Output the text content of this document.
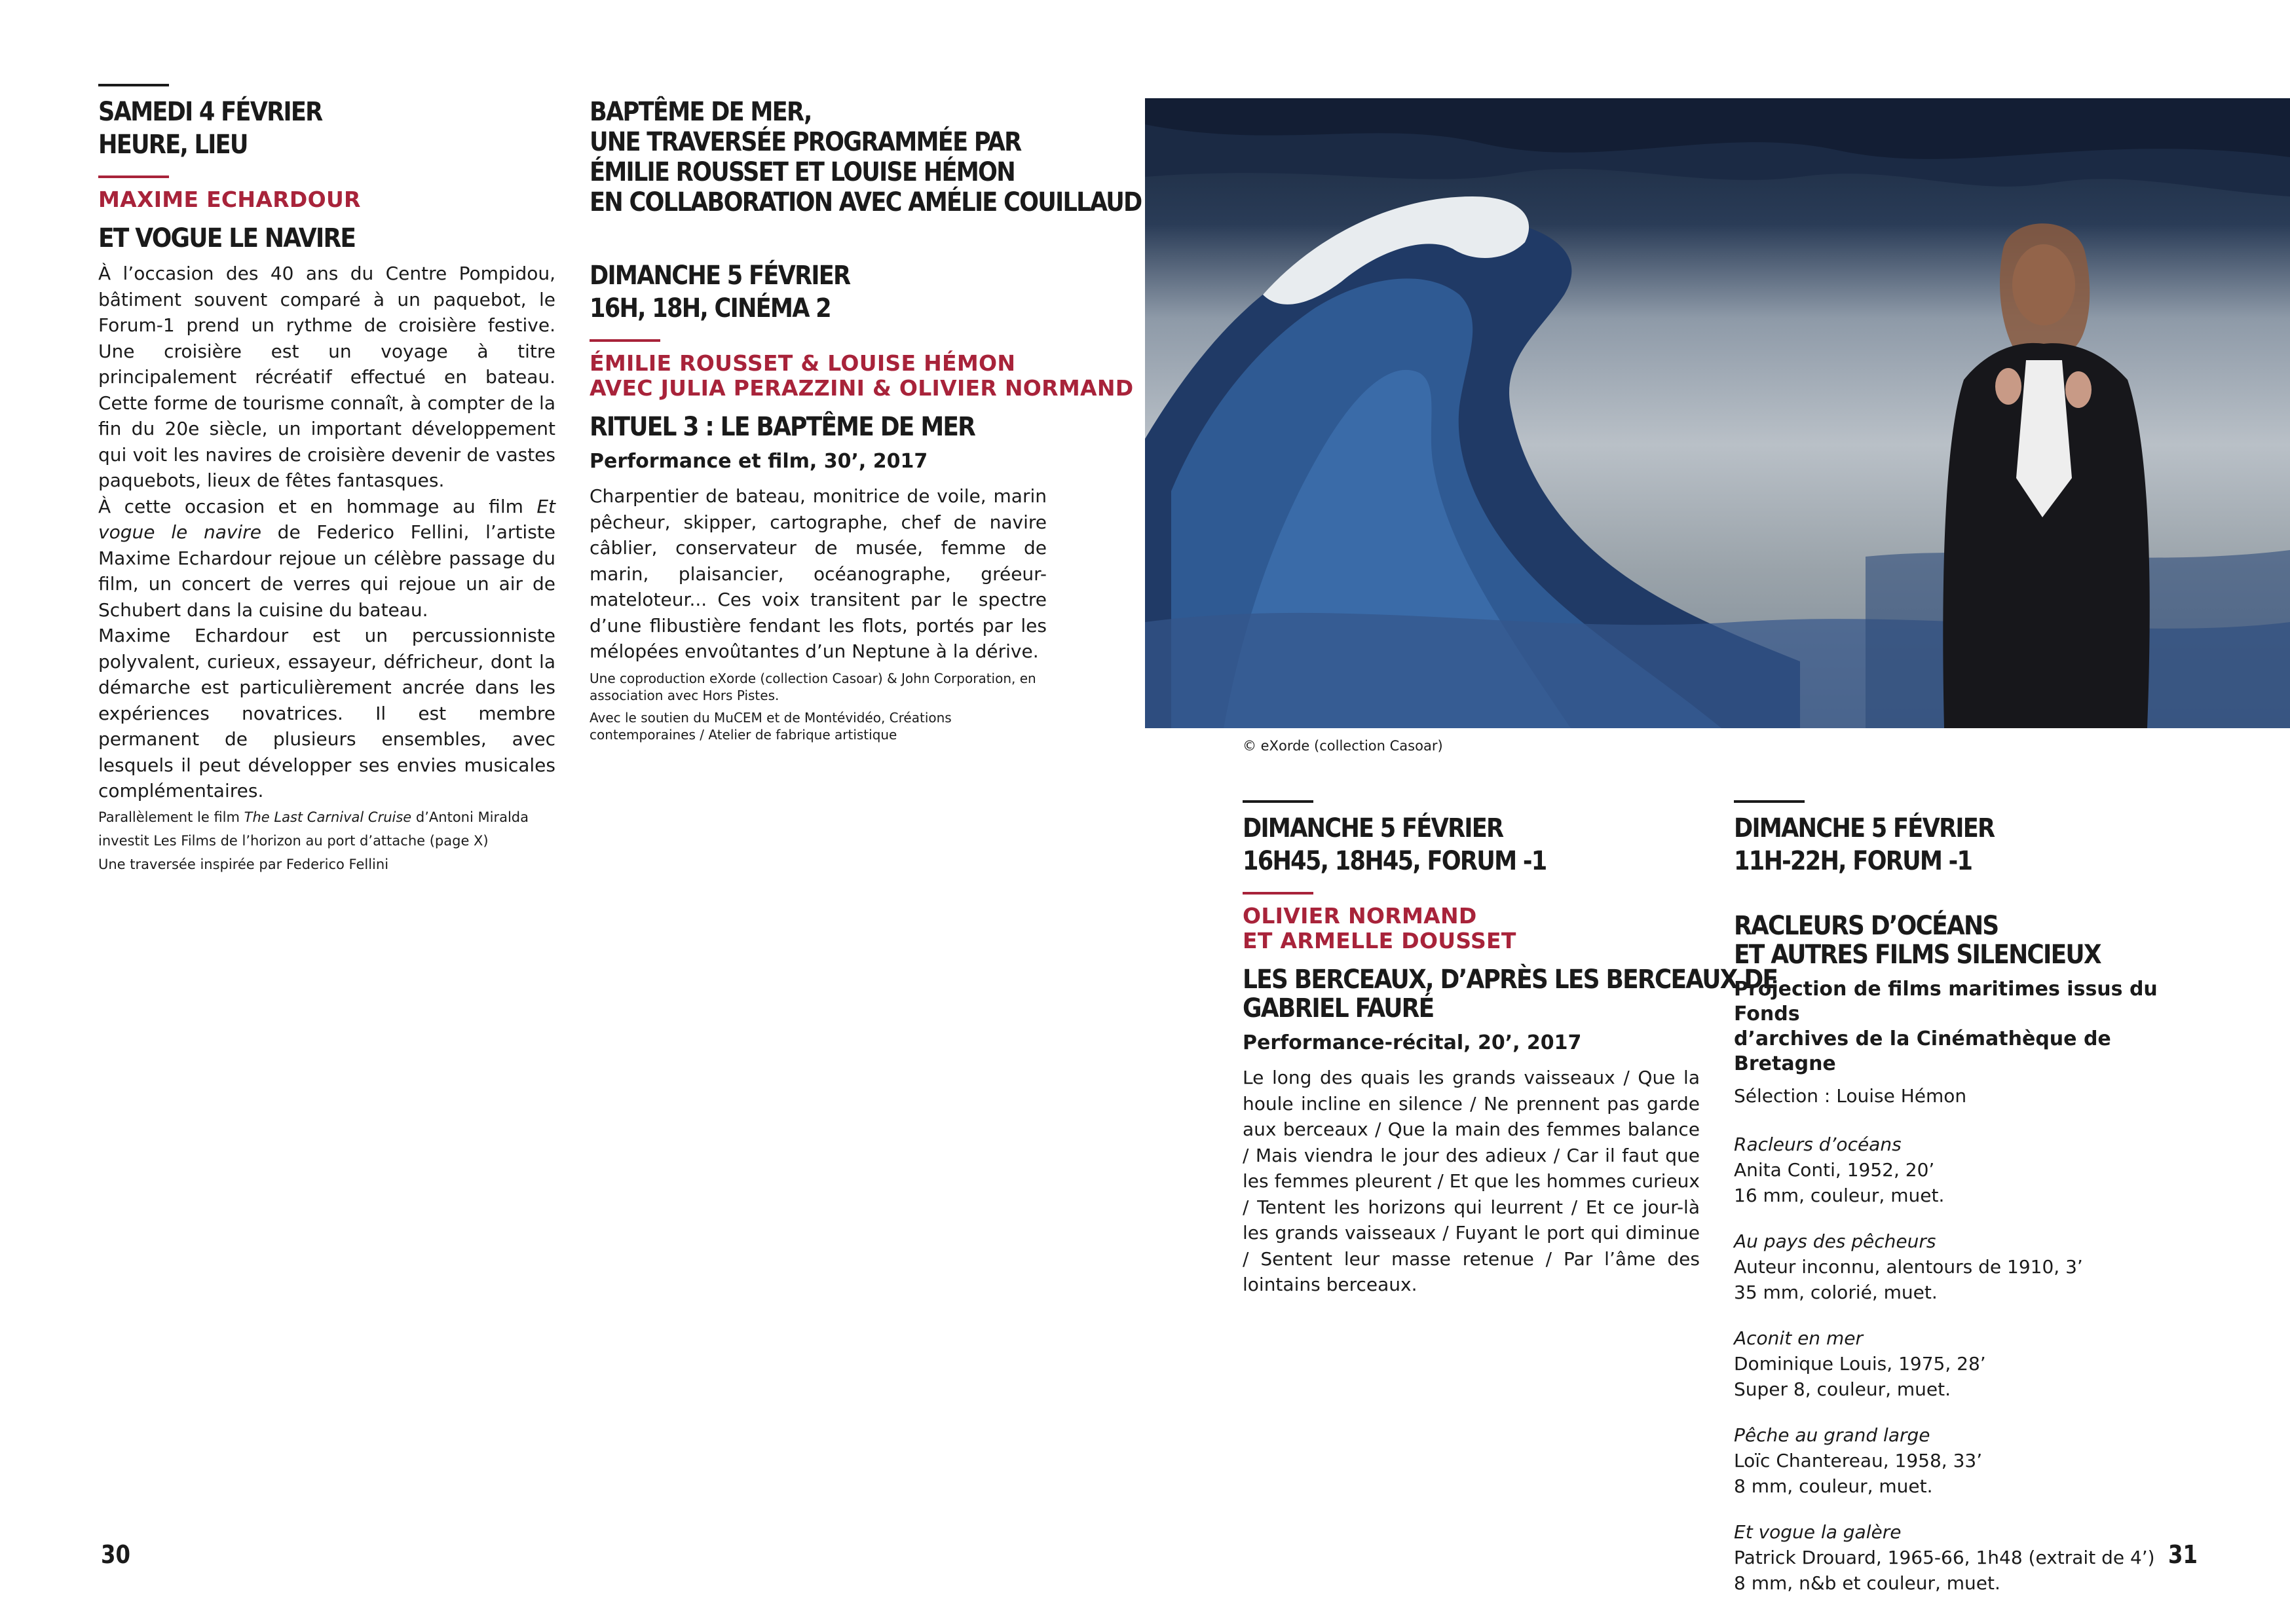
SAMEDI 4 FÉVRIER
HEURE, LIEU
MAXIME ECHARDOUR
ET VOGUE LE NAVIRE

À l’occasion des 40 ans du Centre Pompidou, bâtiment souvent comparé à un paquebot, le Forum-1 prend un rythme de croisière festive. Une croisière est un voyage à titre principalement récréatif effectué en bateau. Cette forme de tourisme connaît, à compter de la fin du 20e siècle, un important développement qui voit les navires de croisière devenir de vastes paquebots, lieux de fêtes fantasques.

À cette occasion et en hommage au film Et vogue le navire de Federico Fellini, l’artiste Maxime Echardour rejoue un célèbre passage du film, un concert de verres qui rejoue un air de Schubert dans la cuisine du bateau.

Maxime Echardour est un percussionniste polyvalent, curieux, essayeur, défricheur, dont la démarche est particulièrement ancrée dans les expériences novatrices. Il est membre permanent de plusieurs ensembles, avec lesquels il peut développer ses envies musicales complémentaires.

Parallèlement le film The Last Carnival Cruise d’Antoni Miralda investit Les Films de l’horizon au port d’attache (page X)
Une traversée inspirée par Federico Fellini
BAPTÊME DE MER,
UNE TRAVERSÉE PROGRAMMÉE PAR
ÉMILIE ROUSSET ET LOUISE HÉMON
EN COLLABORATION AVEC AMÉLIE COUILLAUD
DIMANCHE 5 FÉVRIER
16H, 18H, CINÉMA 2
ÉMILIE ROUSSET & LOUISE HÉMON
AVEC JULIA PERAZZINI & OLIVIER NORMAND
RITUEL 3 : LE BAPTÊME DE MER
Performance et film, 30’, 2017
Charpentier de bateau, monitrice de voile, marin pêcheur, skipper, cartographe, chef de navire câblier, conservateur de musée, femme de marin, plaisancier, océanographe, gréeur-mateloteur... Ces voix transitent par le spectre d’une flibustière fendant les flots, portés par les mélopées envoûtantes d’un Neptune à la dérive.
Une coproduction eXorde (collection Casoar) & John Corporation, en association avec Hors Pistes.
Avec le soutien du MuCEM et de Montévidéo, Créations contemporaines / Atelier de fabrique artistique
© eXorde (collection Casoar)
DIMANCHE 5 FÉVRIER
16H45, 18H45, FORUM -1
OLIVIER NORMAND
ET ARMELLE DOUSSET
LES BERCEAUX, D’APRÈS LES BERCEAUX DE
GABRIEL FAURÉ
Performance-récital, 20’, 2017
Le long des quais les grands vaisseaux / Que la houle incline en silence / Ne prennent pas garde aux berceaux / Que la main des femmes balance / Mais viendra le jour des adieux / Car il faut que les femmes pleurent / Et que les hommes curieux / Tentent les horizons qui leurrent / Et ce jour-là les grands vaisseaux / Fuyant le port qui diminue / Sentent leur masse retenue / Par l’âme des lointains berceaux.
DIMANCHE 5 FÉVRIER
11H-22H, FORUM -1
RACLEURS D’OCÉANS
ET AUTRES FILMS SILENCIEUX
Projection de films maritimes issus du Fonds
d’archives de la Cinémathèque de Bretagne
Sélection : Louise Hémon
Racleurs d’océans
Anita Conti, 1952, 20’
16 mm, couleur, muet.
Au pays des pêcheurs
Auteur inconnu, alentours de 1910, 3’
35 mm, colorié, muet.
Aconit en mer
Dominique Louis, 1975, 28’
Super 8, couleur, muet.
Pêche au grand large
Loïc Chantereau, 1958, 33’
8 mm, couleur, muet.
Et vogue la galère
Patrick Drouard, 1965-66, 1h48 (extrait de 4’)
8 mm, n&b et couleur, muet.
30	31
